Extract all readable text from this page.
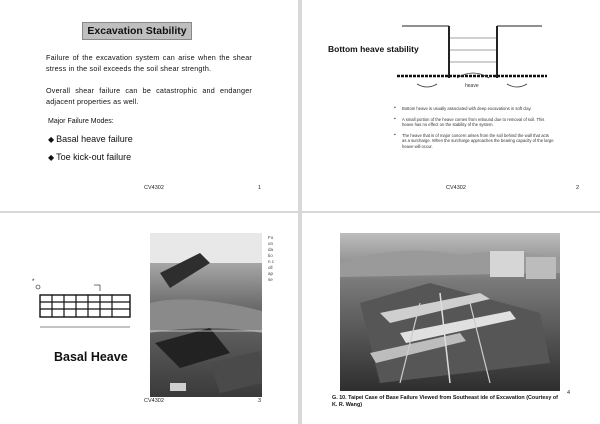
Excavation Stability
Failure of the excavation system can arise when the shear stress in the soil exceeds the soil shear strength.
Overall shear failure can be catastrophic and endanger adjacent properties as well.
Major Failure Modes:
◆ Basal heave failure
◆ Toe kick-out failure
CV4302	1
heave
Bottom heave stability
▪ Bottom heave is usually associated with deep excavations in soft clay.
▪ A small portion of the heave comes from rebound due to removal of soil. This heave has no effect on the stability of the system.
▪ The heave that is of major concern arises from the soil behind the wall that acts as a surcharge. When the surcharge approaches the bearing capacity of the large heave will occur.
CV4302	2
*
Basal Heave
Foundation collapse
CV4302	3	G. 10. Taipei Case of Base Failure Viewed from Southeast ide of Excavation (Courtesy of K. R. Wang)
4
